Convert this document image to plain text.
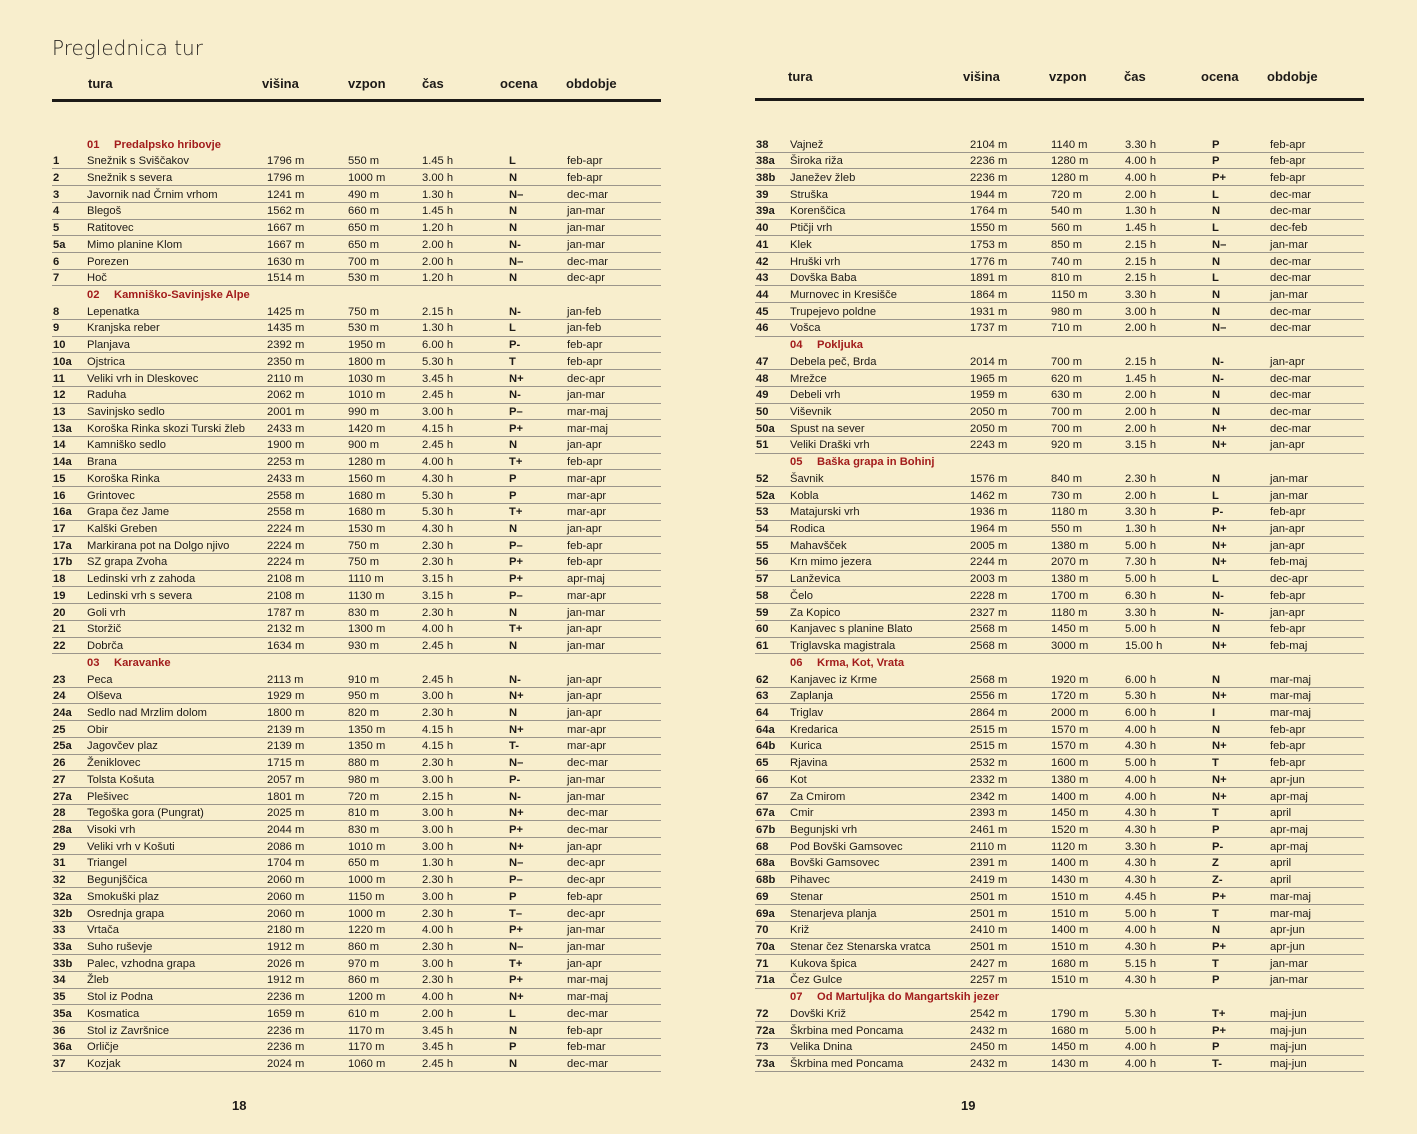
Preglednica tur
tura	višina	vzpon	čas	ocena obdobje
01 Predalpsko hribovje
1 Snežnik s Sviščakov	1796 m	550 m	1.45 h	L	feb-apr
2 Snežnik s severa	1796 m	1000 m	3.00 h	N	feb-apr
3 Javornik nad Črnim vrhom	1241 m	490 m	1.30 h	N–	dec-mar
4 Blegoš	1562 m	660 m	1.45 h	N	jan-mar
5 Ratitovec	1667 m	650 m	1.20 h	N	jan-mar
5a Mimo planine Klom	1667 m	650 m	2.00 h	N-	jan-mar
6 Porezen	1630 m	700 m	2.00 h	N–	dec-mar
7 Hoč	1514 m	530 m	1.20 h	N	dec-apr
02 Kamniško-Savinjske Alpe
8 Lepenatka	1425 m	750 m	2.15 h	N-	jan-feb
9 Kranjska reber	1435 m	530 m	1.30 h	L	jan-feb
10 Planjava	2392 m	1950 m	6.00 h	P-	feb-apr
10a Ojstrica	2350 m	1800 m	5.30 h	T	feb-apr
11 Veliki vrh in Dleskovec	2110 m	1030 m	3.45 h	N+	dec-apr
12 Raduha	2062 m	1010 m	2.45 h	N-	jan-mar
13 Savinjsko sedlo	2001 m	990 m	3.00 h	P–	mar-maj
13a Koroška Rinka skozi Turski žleb 2433 m	1420 m	4.15 h	P+	mar-maj
14 Kamniško sedlo	1900 m	900 m	2.45 h	N	jan-apr
14a Brana	2253 m	1280 m	4.00 h	T+	feb-apr
15 Koroška Rinka	2433 m	1560 m	4.30 h	P	mar-apr
16 Grintovec	2558 m	1680 m	5.30 h	P	mar-apr
16a Grapa čez Jame	2558 m	1680 m	5.30 h	T+	mar-apr
17 Kalški Greben	2224 m	1530 m	4.30 h	N	jan-apr
17a Markirana pot na Dolgo njivo	2224 m	750 m	2.30 h	P–	feb-apr
17b SZ grapa Zvoha	2224 m	750 m	2.30 h	P+	feb-apr
18 Ledinski vrh z zahoda	2108 m	1110 m	3.15 h	P+	apr-maj
19 Ledinski vrh s severa	2108 m	1130 m	3.15 h	P–	mar-apr
20 Goli vrh	1787 m	830 m	2.30 h	N	jan-mar
21 Storžič	2132 m	1300 m	4.00 h	T+	jan-apr
22 Dobrča	1634 m	930 m	2.45 h	N	jan-mar
03 Karavanke
23 Peca	2113 m	910 m	2.45 h	N-	jan-apr
24 Olševa	1929 m	950 m	3.00 h	N+	jan-apr
24a Sedlo nad Mrzlim dolom	1800 m	820 m	2.30 h	N	jan-apr
25 Obir	2139 m	1350 m	4.15 h	N+	mar-apr
25a Jagovčev plaz	2139 m	1350 m	4.15 h	T-	mar-apr
26 Ženiklovec	1715 m	880 m	2.30 h	N–	dec-mar
27 Tolsta Košuta	2057 m	980 m	3.00 h	P-	jan-mar
27a Plešivec	1801 m	720 m	2.15 h	N-	jan-mar
28 Tegoška gora (Pungrat)	2025 m	810 m	3.00 h	N+	dec-mar
28a Visoki vrh	2044 m	830 m	3.00 h	P+	dec-mar
29 Veliki vrh v Košuti	2086 m	1010 m	3.00 h	N+	jan-apr
31 Triangel	1704 m	650 m	1.30 h	N–	dec-apr
32 Begunjščica	2060 m	1000 m	2.30 h	P–	dec-apr
32a Smokuški plaz	2060 m	1150 m	3.00 h	P	feb-apr
32b Osrednja grapa	2060 m	1000 m	2.30 h	T–	dec-apr
33 Vrtača	2180 m	1220 m	4.00 h	P+	jan-mar
33a Suho ruševje	1912 m	860 m	2.30 h	N–	jan-mar
33b Palec, vzhodna grapa	2026 m	970 m	3.00 h	T+	jan-apr
34 Žleb	1912 m	860 m	2.30 h	P+	mar-maj
35 Stol iz Podna	2236 m	1200 m	4.00 h	N+	mar-maj
35a Kosmatica	1659 m	610 m	2.00 h	L	dec-mar
36 Stol iz Završnice	2236 m	1170 m	3.45 h	N	feb-apr
36a Orličje	2236 m	1170 m	3.45 h	P	feb-mar
37 Kozjak	2024 m	1060 m	2.45 h	N	dec-mar
18
tura	višina	vzpon	čas	ocena obdobje
38 Vajnež	2104 m	1140 m	3.30 h	P	feb-apr
38a Široka riža	2236 m	1280 m	4.00 h	P	feb-apr
38b Janežev žleb	2236 m	1280 m	4.00 h	P+	feb-apr
39 Struška	1944 m	720 m	2.00 h	L	dec-mar
39a Korenščica	1764 m	540 m	1.30 h	N	dec-mar
40 Ptičji vrh	1550 m	560 m	1.45 h	L	dec-feb
41 Klek	1753 m	850 m	2.15 h	N–	jan-mar
42 Hruški vrh	1776 m	740 m	2.15 h	N	dec-mar
43 Dovška Baba	1891 m	810 m	2.15 h	L	dec-mar
44 Murnovec in Kresišče	1864 m	1150 m	3.30 h	N	jan-mar
45 Trupejevo poldne	1931 m	980 m	3.00 h	N	dec-mar
46 Vošca	1737 m	710 m	2.00 h	N–	dec-mar
04 Pokljuka
47 Debela peč, Brda	2014 m	700 m	2.15 h	N-	jan-apr
48 Mrežce	1965 m	620 m	1.45 h	N-	dec-mar
49 Debeli vrh	1959 m	630 m	2.00 h	N	dec-mar
50 Viševnik	2050 m	700 m	2.00 h	N	dec-mar
50a Spust na sever	2050 m	700 m	2.00 h	N+	dec-mar
51 Veliki Draški vrh	2243 m	920 m	3.15 h	N+	jan-apr
05 Baška grapa in Bohinj
52 Šavnik	1576 m	840 m	2.30 h	N	jan-mar
52a Kobla	1462 m	730 m	2.00 h	L	jan-mar
53 Matajurski vrh	1936 m	1180 m	3.30 h	P-	feb-apr
54 Rodica	1964 m	550 m	1.30 h	N+	jan-apr
55 Mahavšček	2005 m	1380 m	5.00 h	N+	jan-apr
56 Krn mimo jezera	2244 m	2070 m	7.30 h	N+	feb-maj
57 Lanževica	2003 m	1380 m	5.00 h	L	dec-apr
58 Čelo	2228 m	1700 m	6.30 h	N-	feb-apr
59 Za Kopico	2327 m	1180 m	3.30 h	N-	jan-apr
60 Kanjavec s planine Blato	2568 m	1450 m	5.00 h	N	feb-apr
61 Triglavska magistrala	2568 m	3000 m	15.00 h	N+	feb-maj
06 Krma, Kot, Vrata
62 Kanjavec iz Krme	2568 m	1920 m	6.00 h	N	mar-maj
63 Zaplanja	2556 m	1720 m	5.30 h	N+	mar-maj
64 Triglav	2864 m	2000 m	6.00 h	I	mar-maj
64a Kredarica	2515 m	1570 m	4.00 h	N	feb-apr
64b Kurica	2515 m	1570 m	4.30 h	N+	feb-apr
65 Rjavina	2532 m	1600 m	5.00 h	T	feb-apr
66 Kot	2332 m	1380 m	4.00 h	N+	apr-jun
67 Za Cmirom	2342 m	1400 m	4.00 h	N+	apr-maj
67a Cmir	2393 m	1450 m	4.30 h	T	april
67b Begunjski vrh	2461 m	1520 m	4.30 h	P	apr-maj
68 Pod Bovški Gamsovec	2110 m	1120 m	3.30 h	P-	apr-maj
68a Bovški Gamsovec	2391 m	1400 m	4.30 h	Z	april
68b Pihavec	2419 m	1430 m	4.30 h	Z-	april
69 Stenar	2501 m	1510 m	4.45 h	P+	mar-maj
69a Stenarjeva planja	2501 m	1510 m	5.00 h	T	mar-maj
70 Križ	2410 m	1400 m	4.00 h	N	apr-jun
70a Stenar čez Stenarska vratca	2501 m	1510 m	4.30 h	P+	apr-jun
71 Kukova špica	2427 m	1680 m	5.15 h	T	jan-mar
71a Čez Gulce	2257 m	1510 m	4.30 h	P	jan-mar
07 Od Martuljka do Mangartskih jezer
72 Dovški Križ	2542 m	1790 m	5.30 h	T+	maj-jun
72a Škrbina med Poncama	2432 m	1680 m	5.00 h	P+	maj-jun
73 Velika Dnina	2450 m	1450 m	4.00 h	P	maj-jun
73a Škrbina med Poncama	2432 m	1430 m	4.00 h	T-	maj-jun
19
